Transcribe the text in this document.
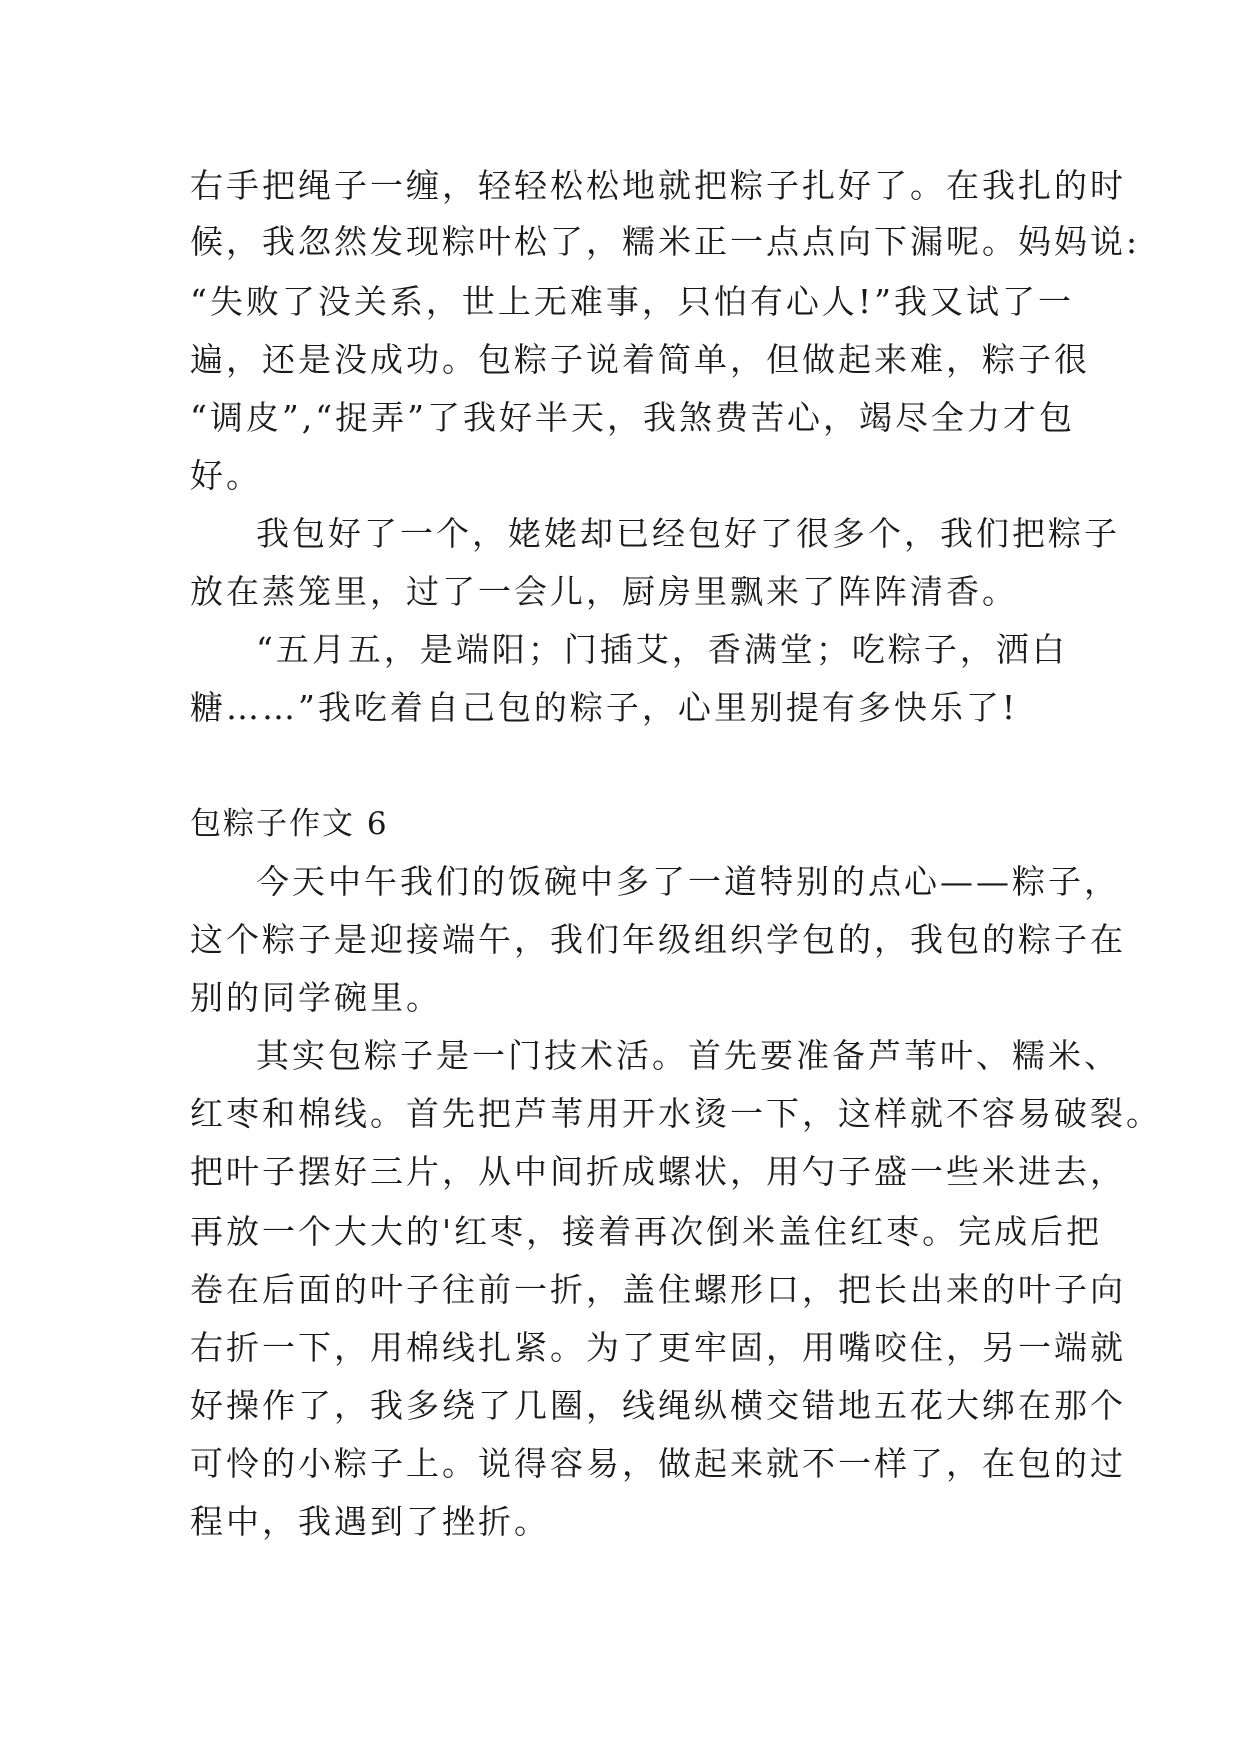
右手把绳子一缠，轻轻松松地就把粽子扎好了。在我扎的时
候，我忽然发现粽叶松了，糯米正一点点向下漏呢。妈妈说:
“失败了没关系，世上无难事，只怕有心人!”我又试了一
遍，还是没成功。包粽子说着简单，但做起来难，粽子很
“调皮”,“捉弄”了我好半天，我煞费苦心，竭尽全力才包
好。
我包好了一个，姥姥却已经包好了很多个，我们把粽子
放在蒸笼里，过了一会儿，厨房里飘来了阵阵清香。
“五月五，是端阳；门插艾，香满堂；吃粽子，洒白
糖……”我吃着自己包的粽子，心里别提有多快乐了!
包粽子作文 6
今天中午我们的饭碗中多了一道特别的点心——粽子，
这个粽子是迎接端午，我们年级组织学包的，我包的粽子在
别的同学碗里。
其实包粽子是一门技术活。首先要准备芦苇叶、糯米、
红枣和棉线。首先把芦苇用开水烫一下，这样就不容易破裂。
把叶子摆好三片，从中间折成螺状，用勺子盛一些米进去，
再放一个大大的'红枣，接着再次倒米盖住红枣。完成后把
卷在后面的叶子往前一折，盖住螺形口，把长出来的叶子向
右折一下，用棉线扎紧。为了更牢固，用嘴咬住，另一端就
好操作了，我多绕了几圈，线绳纵横交错地五花大绑在那个
可怜的小粽子上。说得容易，做起来就不一样了，在包的过
程中，我遇到了挫折。
